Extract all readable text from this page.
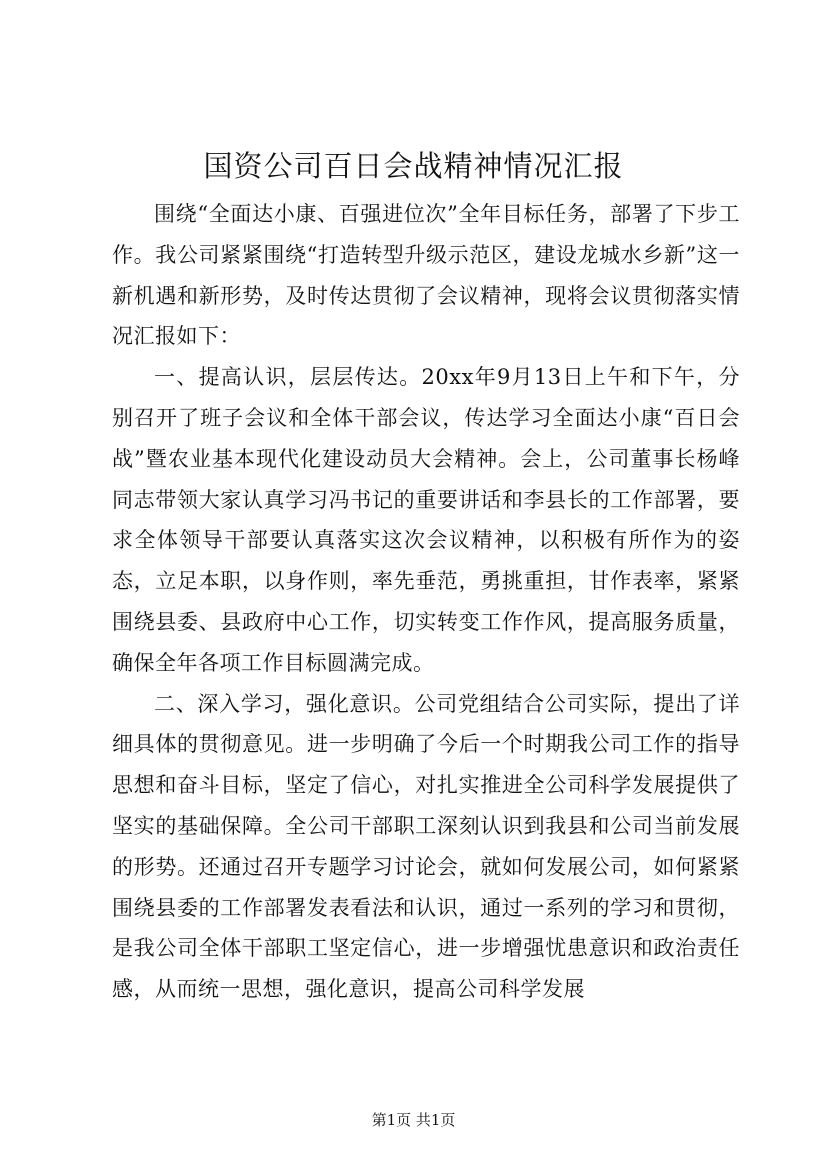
国资公司百日会战精神情况汇报

围绕“全面达小康、百强进位次”全年目标任务，部署了下步工作。我公司紧紧围绕“打造转型升级示范区，建设龙城水乡新”这一新机遇和新形势，及时传达贯彻了会议精神，现将会议贯彻落实情况汇报如下：

一、提高认识，层层传达。20xx年9月13日上午和下午，分别召开了班子会议和全体干部会议，传达学习全面达小康“百日会战”暨农业基本现代化建设动员大会精神。会上，公司董事长杨峰同志带领大家认真学习冯书记的重要讲话和李县长的工作部署，要求全体领导干部要认真落实这次会议精神，以积极有所作为的姿态，立足本职，以身作则，率先垂范，勇挑重担，甘作表率，紧紧围绕县委、县政府中心工作，切实转变工作作风，提高服务质量，确保全年各项工作目标圆满完成。

二、深入学习，强化意识。公司党组结合公司实际，提出了详细具体的贯彻意见。进一步明确了今后一个时期我公司工作的指导思想和奋斗目标，坚定了信心，对扎实推进全公司科学发展提供了坚实的基础保障。全公司干部职工深刻认识到我县和公司当前发展的形势。还通过召开专题学习讨论会，就如何发展公司，如何紧紧围绕县委的工作部署发表看法和认识，通过一系列的学习和贯彻，是我公司全体干部职工坚定信心，进一步增强忧患意识和政治责任感，从而统一思想，强化意识，提高公司科学发展

第1页 共1页
